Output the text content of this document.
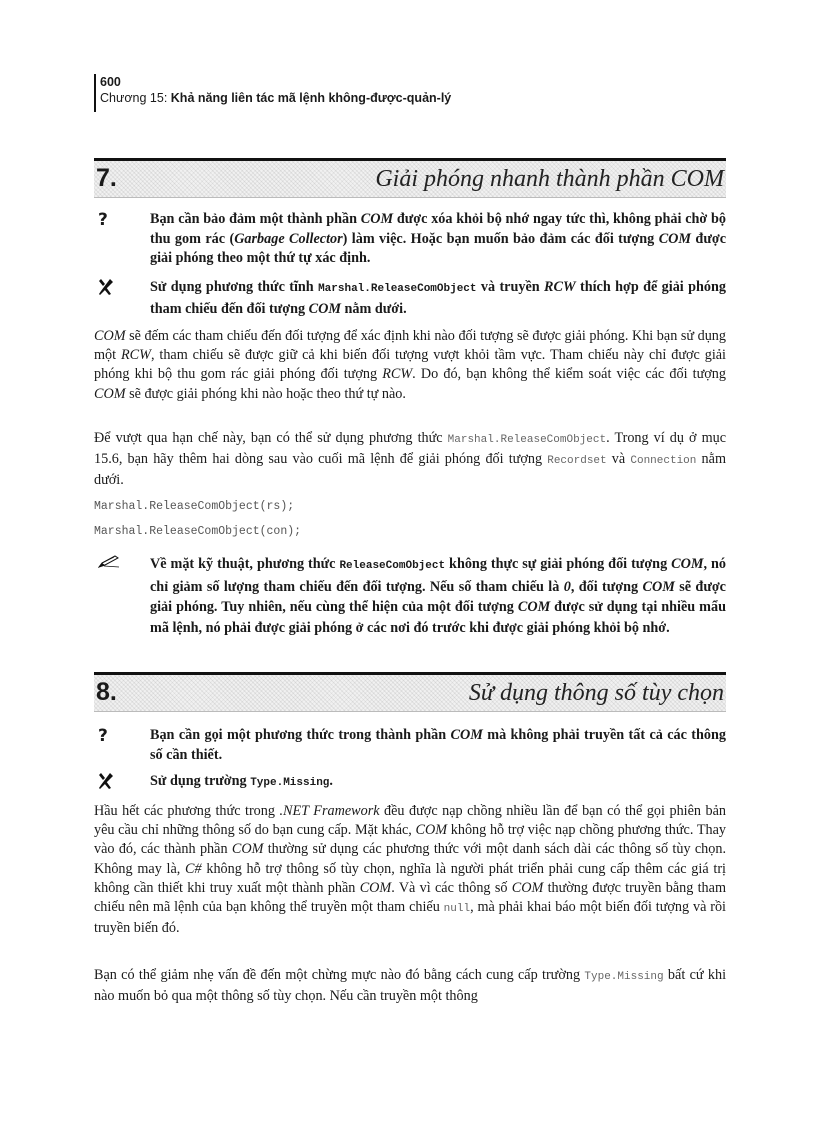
600
Chương 15: Khả năng liên tác mã lệnh không-được-quản-lý
7.	Giải phóng nhanh thành phần COM
?	Bạn cần bảo đảm một thành phần COM được xóa khỏi bộ nhớ ngay tức thì, không phải chờ bộ thu gom rác (Garbage Collector) làm việc. Hoặc bạn muốn bảo đảm các đối tượng COM được giải phóng theo một thứ tự xác định.
Sử dụng phương thức tĩnh Marshal.ReleaseComObject và truyền RCW thích hợp để giải phóng tham chiếu đến đối tượng COM nằm dưới.
COM sẽ đếm các tham chiếu đến đối tượng để xác định khi nào đối tượng sẽ được giải phóng. Khi bạn sử dụng một RCW, tham chiếu sẽ được giữ cả khi biến đối tượng vượt khỏi tầm vực. Tham chiếu này chỉ được giải phóng khi bộ thu gom rác giải phóng đối tượng RCW. Do đó, bạn không thể kiểm soát việc các đối tượng COM sẽ được giải phóng khi nào hoặc theo thứ tự nào.
Để vượt qua hạn chế này, bạn có thể sử dụng phương thức Marshal.ReleaseComObject. Trong ví dụ ở mục 15.6, bạn hãy thêm hai dòng sau vào cuối mã lệnh để giải phóng đối tượng Recordset và Connection nằm dưới.
Marshal.ReleaseComObject(rs);
Marshal.ReleaseComObject(con);
Về mặt kỹ thuật, phương thức ReleaseComObject không thực sự giải phóng đối tượng COM, nó chỉ giảm số lượng tham chiếu đến đối tượng. Nếu số tham chiếu là 0, đối tượng COM sẽ được giải phóng. Tuy nhiên, nếu cùng thể hiện của một đối tượng COM được sử dụng tại nhiều mẩu mã lệnh, nó phải được giải phóng ở các nơi đó trước khi được giải phóng khỏi bộ nhớ.
8.	Sử dụng thông số tùy chọn
?	Bạn cần gọi một phương thức trong thành phần COM mà không phải truyền tất cả các thông số cần thiết.
Sử dụng trường Type.Missing.
Hầu hết các phương thức trong .NET Framework đều được nạp chồng nhiều lần để bạn có thể gọi phiên bản yêu cầu chỉ những thông số do bạn cung cấp. Mặt khác, COM không hỗ trợ việc nạp chồng phương thức. Thay vào đó, các thành phần COM thường sử dụng các phương thức với một danh sách dài các thông số tùy chọn. Không may là, C# không hỗ trợ thông số tùy chọn, nghĩa là người phát triển phải cung cấp thêm các giá trị không cần thiết khi truy xuất một thành phần COM. Và vì các thông số COM thường được truyền bằng tham chiếu nên mã lệnh của bạn không thể truyền một tham chiếu null, mà phải khai báo một biến đối tượng và rồi truyền biến đó.
Bạn có thể giảm nhẹ vấn đề đến một chừng mực nào đó bằng cách cung cấp trường Type.Missing bất cứ khi nào muốn bỏ qua một thông số tùy chọn. Nếu cần truyền một thông
